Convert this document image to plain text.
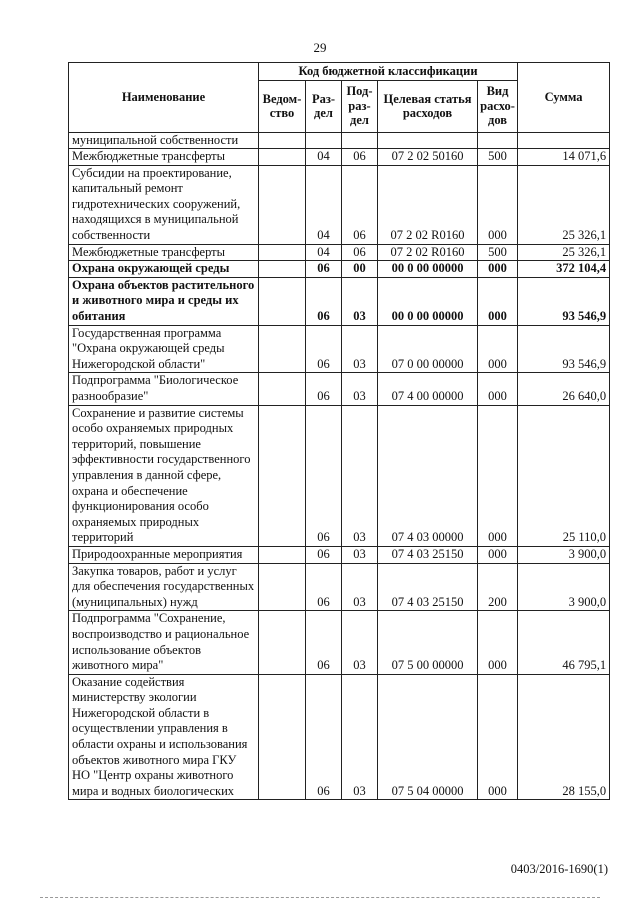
29
Наименование	Код бюджетной классификации					Сумма
	Ведом-ство	Раз-дел	Под-раз-дел	Целевая статья расходов	Вид расхо-дов	
муниципальной собственности						
Межбюджетные трансферты		04	06	07 2 02 50160	500	14 071,6
Субсидии на проектирование, капитальный ремонт гидротехнических сооружений, находящихся в муниципальной собственности		04	06	07 2 02 R0160	000	25 326,1
Межбюджетные трансферты		04	06	07 2 02 R0160	500	25 326,1
Охрана окружающей среды		06	00	00 0 00 00000	000	372 104,4
Охрана объектов растительного и животного мира и среды их обитания		06	03	00 0 00 00000	000	93 546,9
Государственная программа "Охрана окружающей среды Нижегородской области"		06	03	07 0 00 00000	000	93 546,9
Подпрограмма "Биологическое разнообразие"		06	03	07 4 00 00000	000	26 640,0
Сохранение и развитие системы особо охраняемых природных территорий, повышение эффективности государственного управления в данной сфере, охрана и обеспечение функционирования особо охраняемых природных территорий		06	03	07 4 03 00000	000	25 110,0
Природоохранные мероприятия		06	03	07 4 03 25150	000	3 900,0
Закупка товаров, работ и услуг для обеспечения государственных (муниципальных) нужд		06	03	07 4 03 25150	200	3 900,0
Подпрограмма "Сохранение, воспроизводство и рациональное использование объектов животного мира"		06	03	07 5 00 00000	000	46 795,1
Оказание содействия министерству экологии Нижегородской области в осуществлении управления в области охраны и использования объектов животного мира ГКУ НО "Центр охраны животного мира и водных биологических		06	03	07 5 04 00000	000	28 155,0
0403/2016-1690(1)
